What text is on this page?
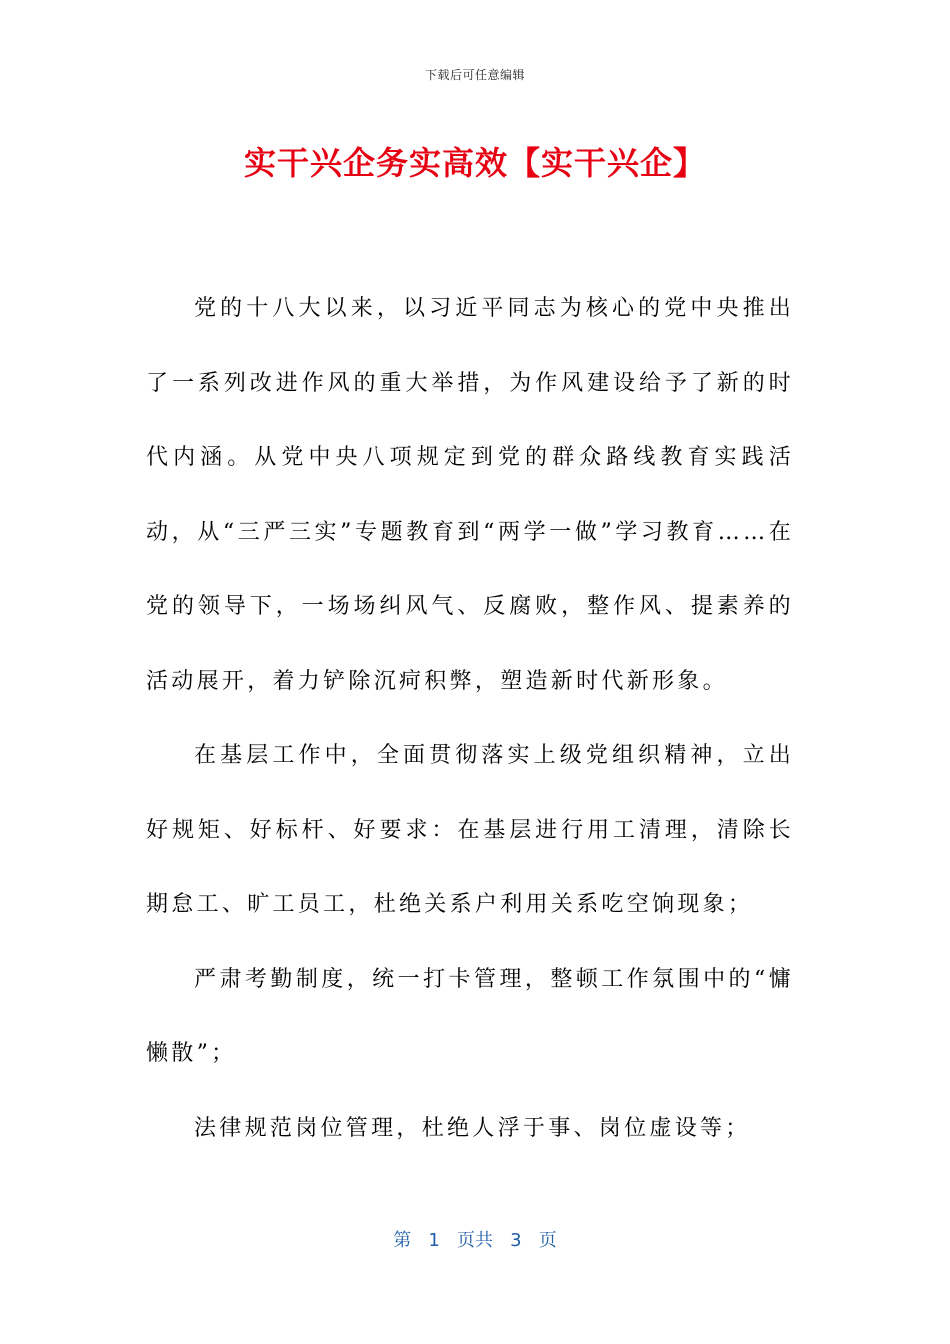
下载后可任意编辑
实干兴企务实高效【实干兴企】

党的十八大以来，以习近平同志为核心的党中央推出了一系列改进作风的重大举措，为作风建设给予了新的时代内涵。从党中央八项规定到党的群众路线教育实践活动，从“三严三实”专题教育到“两学一做”学习教育……在党的领导下，一场场纠风气、反腐败，整作风、提素养的活动展开，着力铲除沉疴积弊，塑造新时代新形象。

在基层工作中，全面贯彻落实上级党组织精神，立出好规矩、好标杆、好要求：在基层进行用工清理，清除长期怠工、旷工员工，杜绝关系户利用关系吃空饷现象；

严肃考勤制度，统一打卡管理，整顿工作氛围中的“慵懒散”；

法律规范岗位管理，杜绝人浮于事、岗位虚设等；

第 1 页共 3 页
